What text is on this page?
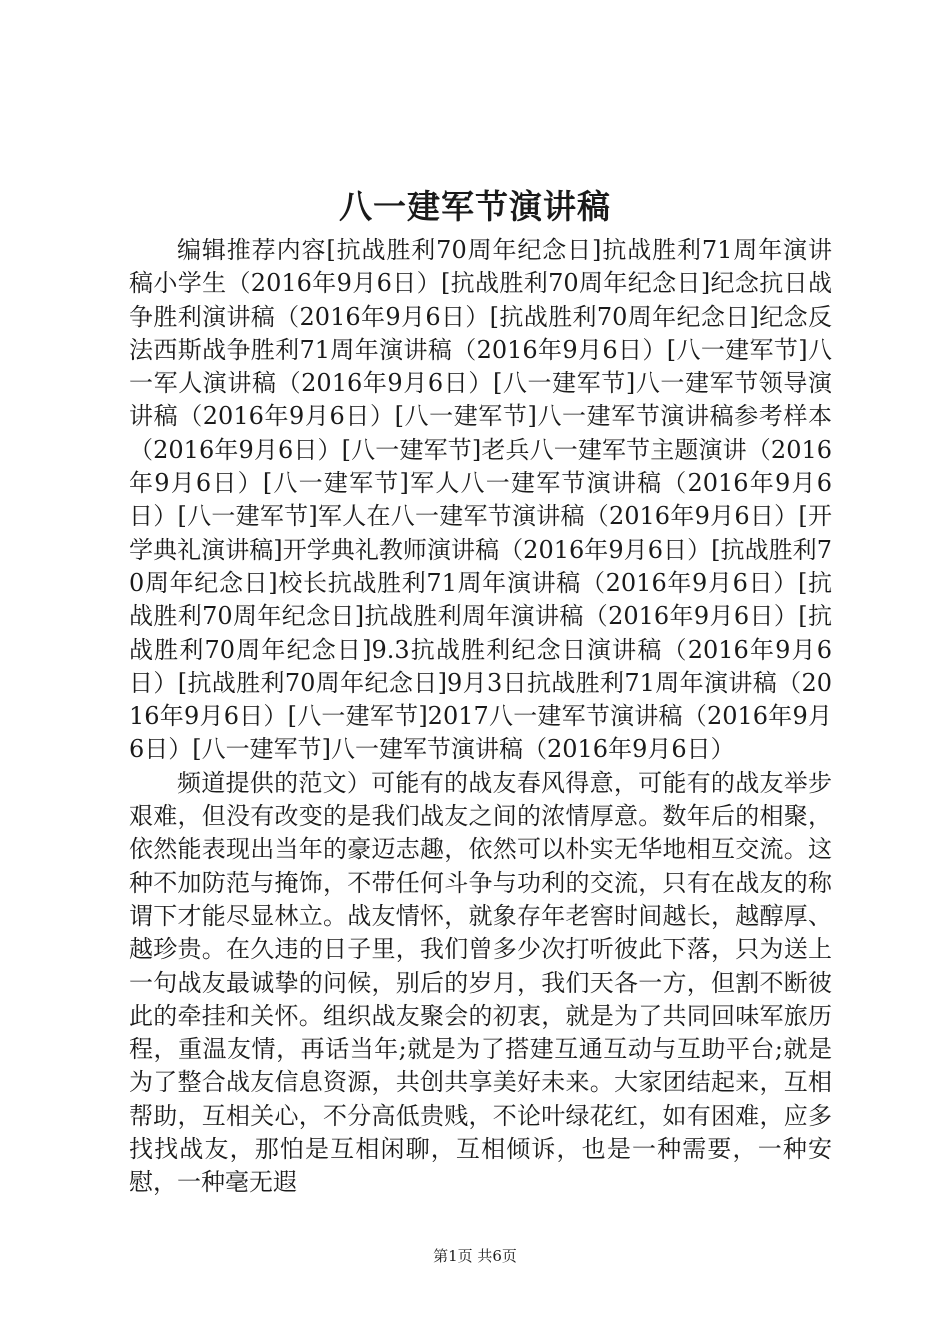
八一建军节演讲稿

编辑推荐内容[抗战胜利70周年纪念日]抗战胜利71周年演讲稿小学生（2016年9月6日）[抗战胜利70周年纪念日]纪念抗日战争胜利演讲稿（2016年9月6日）[抗战胜利70周年纪念日]纪念反法西斯战争胜利71周年演讲稿（2016年9月6日）[八一建军节]八一军人演讲稿（2016年9月6日）[八一建军节]八一建军节领导演讲稿（2016年9月6日）[八一建军节]八一建军节演讲稿参考样本（2016年9月6日）[八一建军节]老兵八一建军节主题演讲（2016年9月6日）[八一建军节]军人八一建军节演讲稿（2016年9月6日）[八一建军节]军人在八一建军节演讲稿（2016年9月6日）[开学典礼演讲稿]开学典礼教师演讲稿（2016年9月6日）[抗战胜利70周年纪念日]校长抗战胜利71周年演讲稿（2016年9月6日）[抗战胜利70周年纪念日]抗战胜利周年演讲稿（2016年9月6日）[抗战胜利70周年纪念日]9.3抗战胜利纪念日演讲稿（2016年9月6日）[抗战胜利70周年纪念日]9月3日抗战胜利71周年演讲稿（2016年9月6日）[八一建军节]2017八一建军节演讲稿（2016年9月6日）[八一建军节]八一建军节演讲稿（2016年9月6日）

频道提供的范文）可能有的战友春风得意，可能有的战友举步艰难，但没有改变的是我们战友之间的浓情厚意。数年后的相聚，依然能表现出当年的豪迈志趣，依然可以朴实无华地相互交流。这种不加防范与掩饰，不带任何斗争与功利的交流，只有在战友的称谓下才能尽显林立。战友情怀，就象存年老窖时间越长，越醇厚、越珍贵。在久违的日子里，我们曾多少次打听彼此下落，只为送上一句战友最诚挚的问候，别后的岁月，我们天各一方，但割不断彼此的牵挂和关怀。组织战友聚会的初衷，就是为了共同回味军旅历程，重温友情，再话当年;就是为了搭建互通互动与互助平台;就是为了整合战友信息资源，共创共享美好未来。大家团结起来，互相帮助，互相关心，不分高低贵贱，不论叶绿花红，如有困难，应多找找战友，那怕是互相闲聊，互相倾诉，也是一种需要，一种安慰，一种毫无遐

第1页 共6页
